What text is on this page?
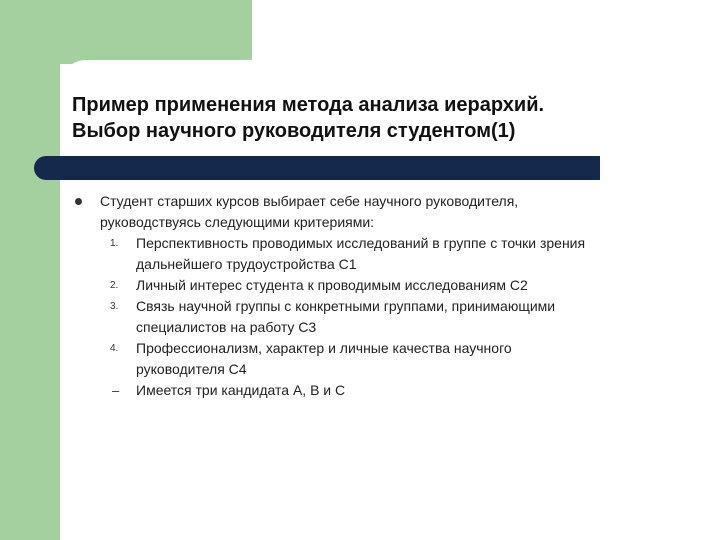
Пример применения метода анализа иерархий.
Выбор научного руководителя студентом(1)
Студент старших курсов выбирает себе научного руководителя,
руководствуясь следующими критериями:
1. Перспективность проводимых исследований в группе с точки зрения
дальнейшего трудоустройства С1
2. Личный интерес студента к проводимым исследованиям С2
3. Связь научной группы с конкретными группами, принимающими
специалистов на работу С3
4. Профессионализм, характер и личные качества научного
руководителя С4
– Имеется три кандидата А, В и С
